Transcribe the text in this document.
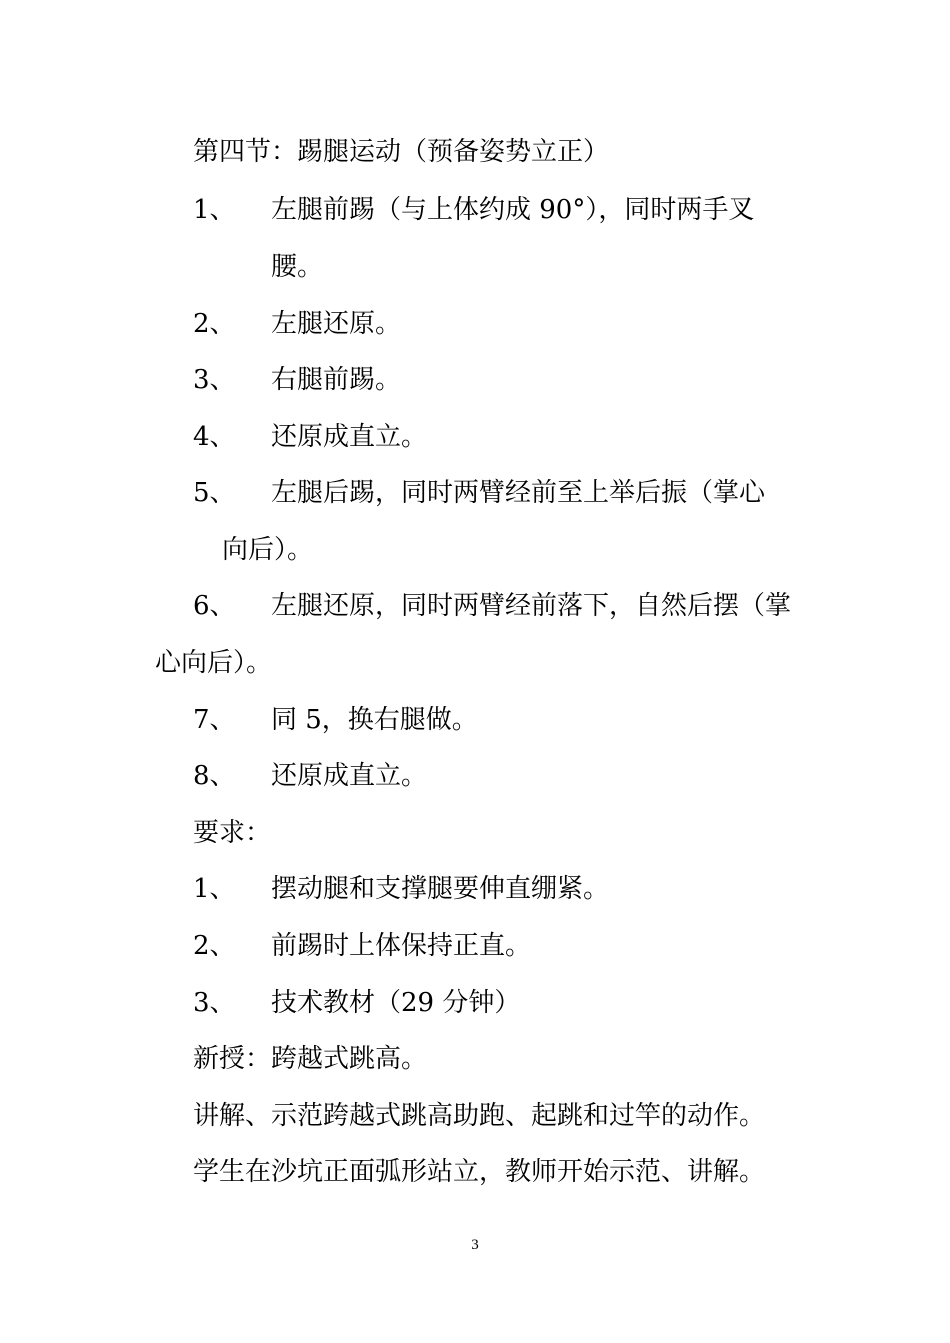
第四节：踢腿运动（预备姿势立正）
1、 左腿前踢（与上体约成 90°），同时两手叉
腰。
2、 左腿还原。
3、 右腿前踢。
4、 还原成直立。
5、 左腿后踢，同时两臂经前至上举后振（掌心
向后）。
6、 左腿还原，同时两臂经前落下，自然后摆（掌
心向后）。
7、 同 5，换右腿做。
8、 还原成直立。
要求：
1、 摆动腿和支撑腿要伸直绷紧。
2、 前踢时上体保持正直。
3、 技术教材（29 分钟）
新授：跨越式跳高。
讲解、示范跨越式跳高助跑、起跳和过竿的动作。
学生在沙坑正面弧形站立，教师开始示范、讲解。
3
